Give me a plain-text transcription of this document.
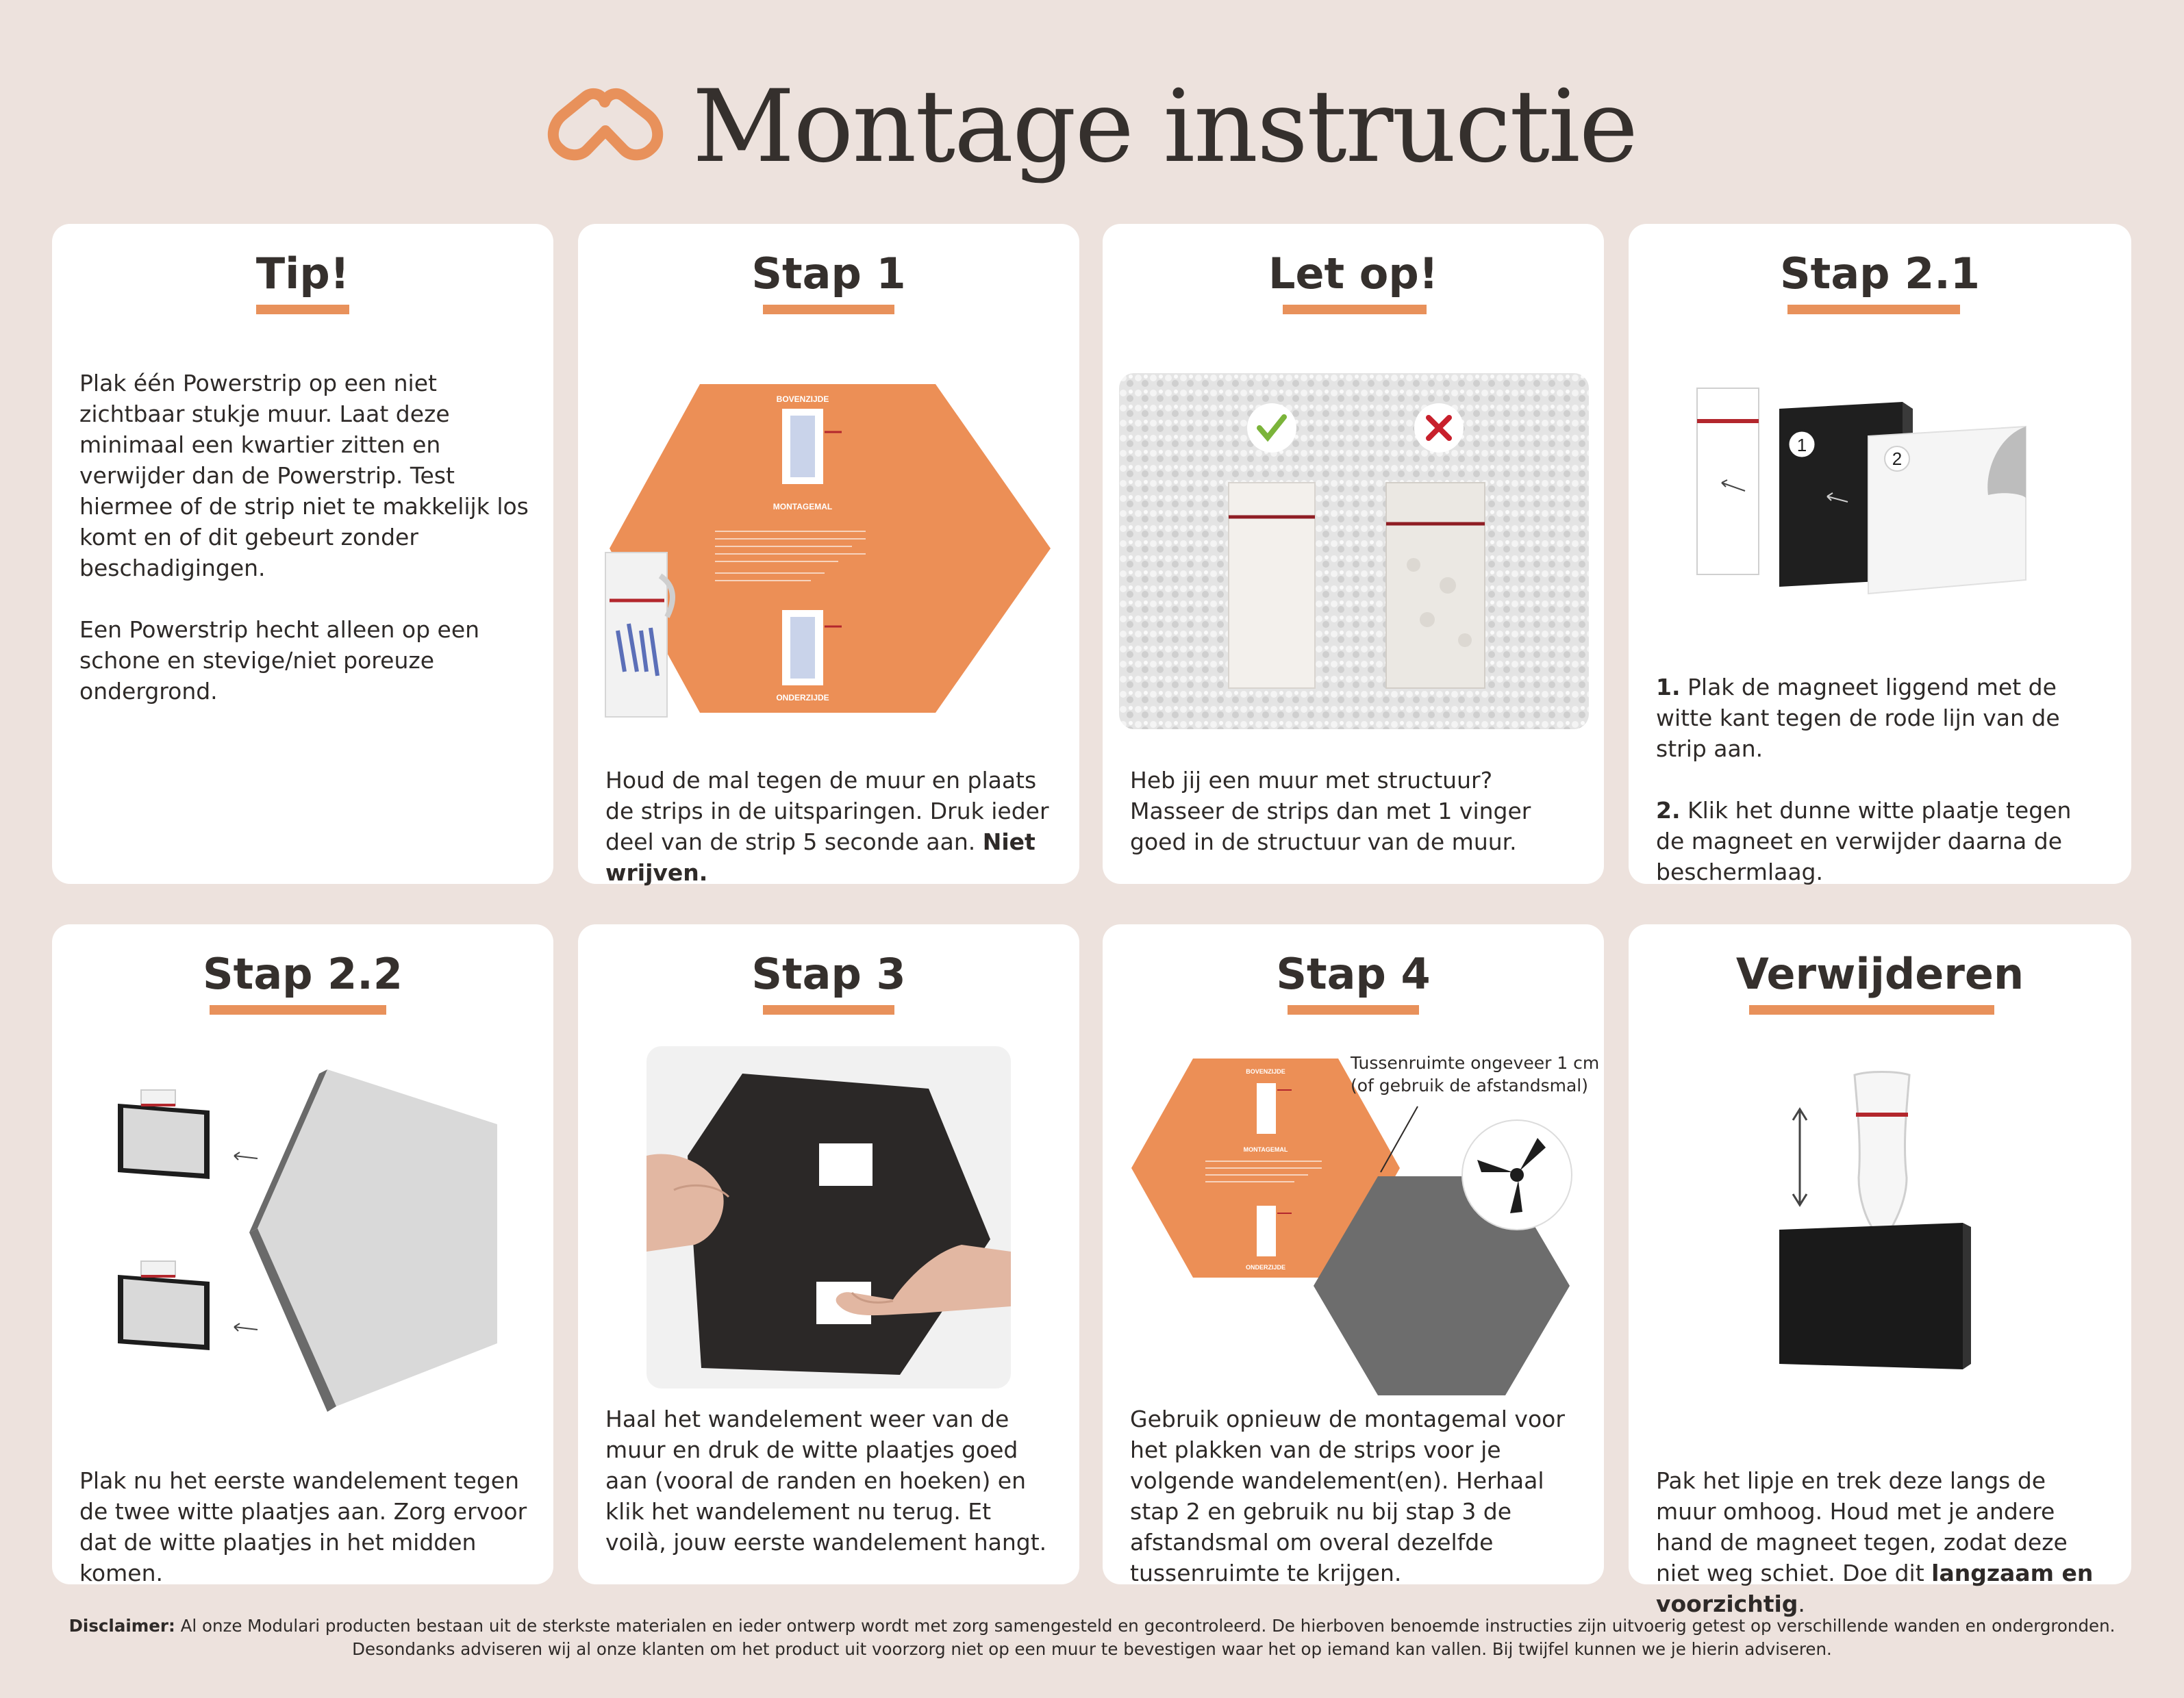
Montage instructie
Tip!

Plak één Powerstrip op een niet zichtbaar stukje muur. Laat deze minimaal een kwartier zitten en verwijder dan de Powerstrip. Test hiermee of de strip niet te makkelijk los komt en of dit gebeurt zonder beschadigingen.

Een Powerstrip hecht alleen op een schone en stevige/niet poreuze ondergrond.

Stap 1
BOVENZIJDE
MONTAGEMAL
ONDERZIJDE
Houd de mal tegen de muur en plaats de strips in de uitsparingen. Druk ieder deel van de strip 5 seconde aan. Niet wrijven.
Let op!
Heb jij een muur met structuur? Masseer de strips dan met 1 vinger goed in de structuur van de muur.
Stap 2.1
1
2

1. Plak de magneet liggend met de witte kant tegen de rode lijn van de strip aan.

2. Klik het dunne witte plaatje tegen de magneet en verwijder daarna de beschermlaag.

Stap 2.2
Plak nu het eerste wandelement tegen de twee witte plaatjes aan. Zorg ervoor dat de witte plaatjes in het midden komen.
Stap 3
Haal het wandelement weer van de muur en druk de witte plaatjes goed aan (vooral de randen en hoeken) en klik het wandelement nu terug. Et voilà, jouw eerste wandelement hangt.
Stap 4
BOVENZIJDE
MONTAGEMAL
ONDERZIJDE
Tussenruimte ongeveer 1 cm
(of gebruik de afstandsmal)
Gebruik opnieuw de montagemal voor het plakken van de strips voor je volgende wandelement(en). Herhaal stap 2 en gebruik nu bij stap 3 de afstandsmal om overal dezelfde tussenruimte te krijgen.
Verwijderen
Pak het lipje en trek deze langs de muur omhoog. Houd met je andere hand de magneet tegen, zodat deze niet weg schiet. Doe dit langzaam en voorzichtig.
Disclaimer: Al onze Modulari producten bestaan uit de sterkste materialen en ieder ontwerp wordt met zorg samengesteld en gecontroleerd. De hierboven benoemde instructies zijn uitvoerig getest op verschillende wanden en ondergronden.
Desondanks adviseren wij al onze klanten om het product uit voorzorg niet op een muur te bevestigen waar het op iemand kan vallen. Bij twijfel kunnen we je hierin adviseren.
